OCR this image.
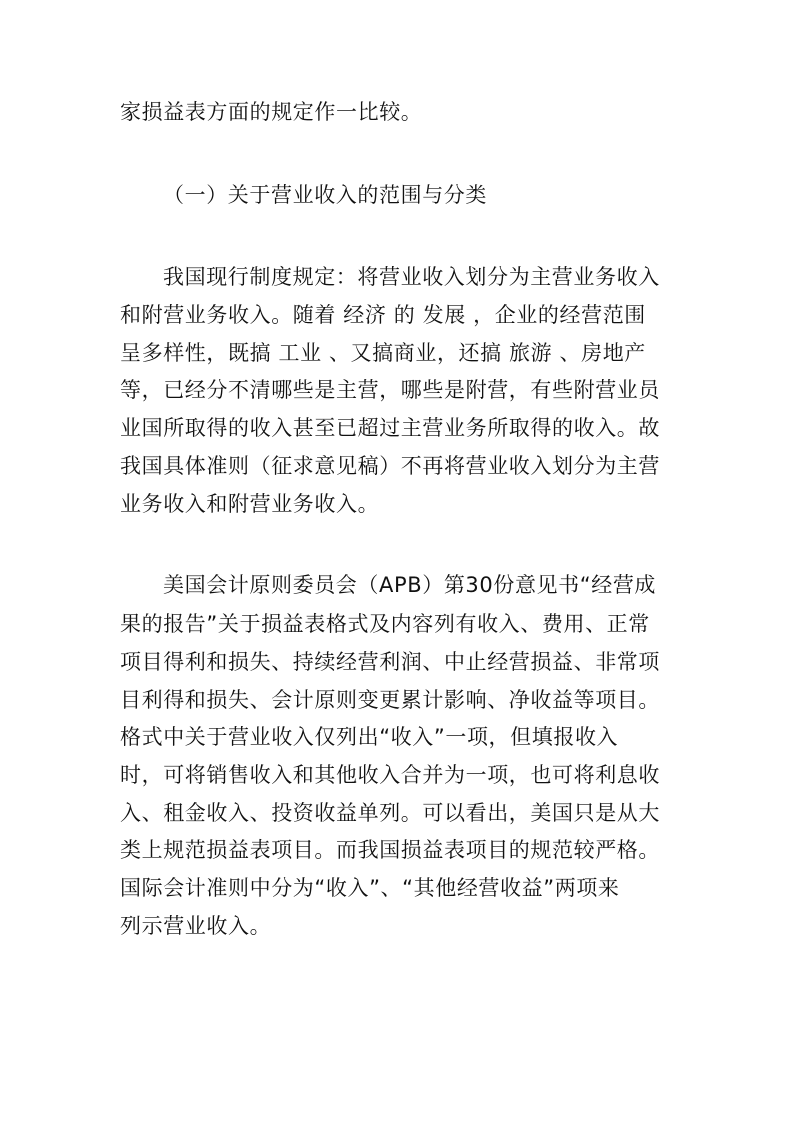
家损益表方面的规定作一比较。
（一）关于营业收入的范围与分类
我国现行制度规定：将营业收入划分为主营业务收入
和附营业务收入。随着 经济 的 发展 ，企业的经营范围
呈多样性，既搞 工业 、又搞商业，还搞 旅游 、房地产
等，已经分不清哪些是主营，哪些是附营，有些附营业员
业国所取得的收入甚至已超过主营业务所取得的收入。故
我国具体准则（征求意见稿）不再将营业收入划分为主营
业务收入和附营业务收入。
美国会计原则委员会（APB）第30份意见书“经营成
果的报告”关于损益表格式及内容列有收入、费用、正常
项目得利和损失、持续经营利润、中止经营损益、非常项
目利得和损失、会计原则变更累计影响、净收益等项目。
格式中关于营业收入仅列出“收入”一项，但填报收入
时，可将销售收入和其他收入合并为一项，也可将利息收
入、租金收入、投资收益单列。可以看出，美国只是从大
类上规范损益表项目。而我国损益表项目的规范较严格。
国际会计准则中分为“收入”、“其他经营收益”两项来
列示营业收入。
